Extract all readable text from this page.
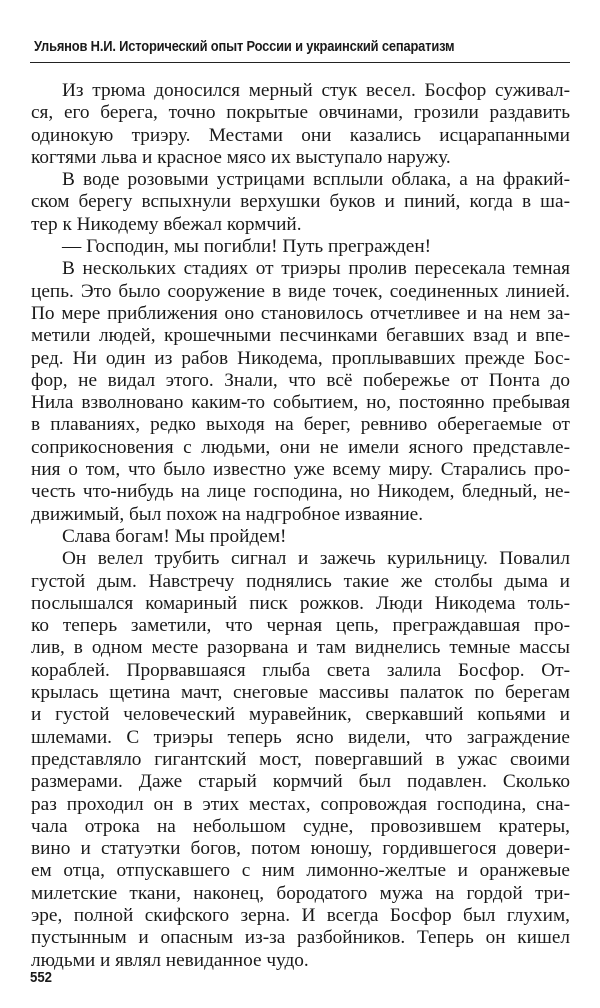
Ульянов Н.И. Исторический опыт России и украинский сепаратизм
Из трюма доносился мерный стук весел. Босфор суживал-
ся, его берега, точно покрытые овчинами, грозили раздавить
одинокую триэру. Местами они казались исцарапанными
когтями льва и красное мясо их выступало наружу.
В воде розовыми устрицами всплыли облака, а на фракий-
ском берегу вспыхнули верхушки буков и пиний, когда в ша-
тер к Никодему вбежал кормчий.
— Господин, мы погибли! Путь прегражден!
В нескольких стадиях от триэры пролив пересекала темная
цепь. Это было сооружение в виде точек, соединенных линией.
По мере приближения оно становилось отчетливее и на нем за-
метили людей, крошечными песчинками бегавших взад и впе-
ред. Ни один из рабов Никодема, проплывавших прежде Бос-
фор, не видал этого. Знали, что всё побережье от Понта до
Нила взволновано каким-то событием, но, постоянно пребывая
в плаваниях, редко выходя на берег, ревниво оберегаемые от
соприкосновения с людьми, они не имели ясного представле-
ния о том, что было известно уже всему миру. Старались про-
честь что-нибудь на лице господина, но Никодем, бледный, не-
движимый, был похож на надгробное изваяние.
Слава богам! Мы пройдем!
Он велел трубить сигнал и зажечь курильницу. Повалил
густой дым. Навстречу поднялись такие же столбы дыма и
послышался комариный писк рожков. Люди Никодема толь-
ко теперь заметили, что черная цепь, преграждавшая про-
лив, в одном месте разорвана и там виднелись темные массы
кораблей. Прорвавшаяся глыба света залила Босфор. От-
крылась щетина мачт, снеговые массивы палаток по берегам
и густой человеческий муравейник, сверкавший копьями и
шлемами. С триэры теперь ясно видели, что заграждение
представляло гигантский мост, повергавший в ужас своими
размерами. Даже старый кормчий был подавлен. Сколько
раз проходил он в этих местах, сопровождая господина, сна-
чала отрока на небольшом судне, провозившем кратеры,
вино и статуэтки богов, потом юношу, гордившегося довери-
ем отца, отпускавшего с ним лимонно-желтые и оранжевые
милетские ткани, наконец, бородатого мужа на гордой три-
эре, полной скифского зерна. И всегда Босфор был глухим,
пустынным и опасным из-за разбойников. Теперь он кишел
людьми и являл невиданное чудо.
552
